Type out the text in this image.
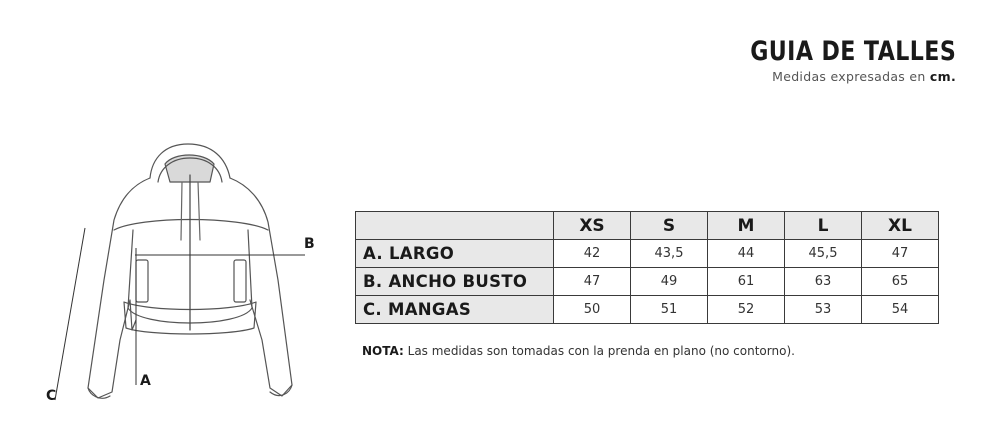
GUIA DE TALLES
Medidas expresadas en cm.
B
A
C
	XS	S	M	L	XL
A. LARGO	42	43,5	44	45,5	47
B. ANCHO BUSTO	47	49	61	63	65
C. MANGAS	50	51	52	53	54
NOTA: Las medidas son tomadas con la prenda en plano (no contorno).
